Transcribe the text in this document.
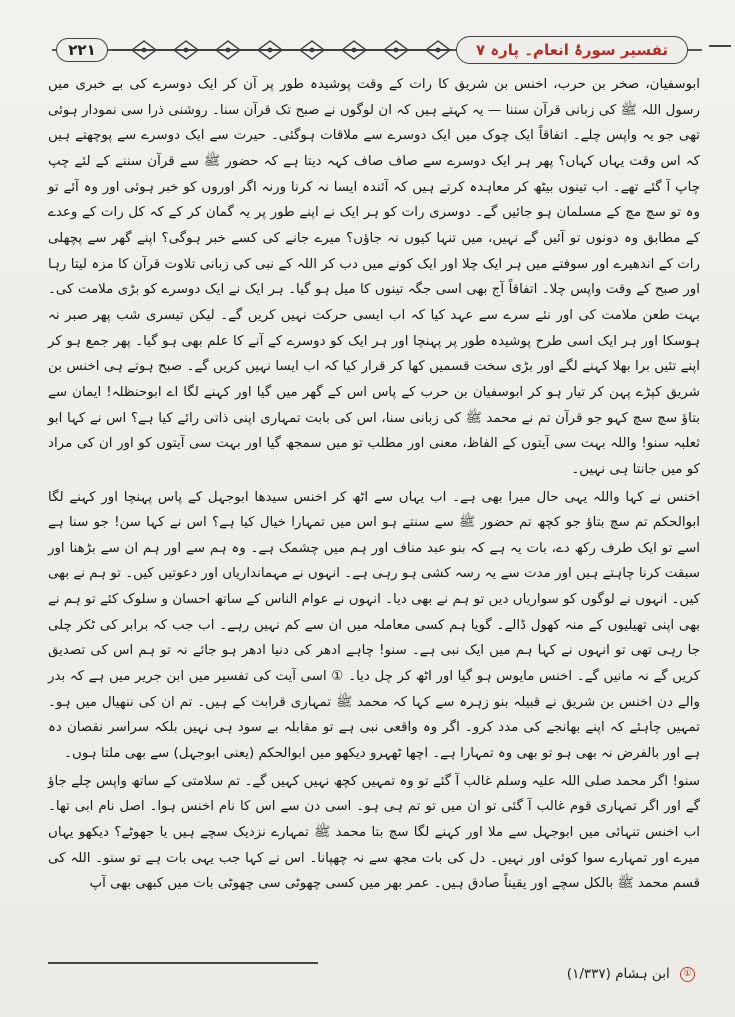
٢٢١	تفسیر سورۂ انعام۔ پارہ ۷

ابوسفیان، صخر بن حرب، اخنس بن شریق کا رات کے وقت پوشیدہ طور پر آن کر ایک دوسرے کی بے خبری میں رسول اللہ ﷺ کی زبانی قرآن سننا — یہ کہتے ہیں کہ ان لوگوں نے صبح تک قرآن سنا۔ روشنی ذرا سی نمودار ہوئی تھی جو یہ واپس چلے۔ اتفاقاً ایک چوک میں ایک دوسرے سے ملاقات ہوگئی۔ حیرت سے ایک دوسرے سے پوچھتے ہیں کہ اس وقت یہاں کہاں؟ پھر ہر ایک دوسرے سے صاف صاف کہہ دیتا ہے کہ حضور ﷺ سے قرآن سننے کے لئے چپ چاپ آ گئے تھے۔ اب تینوں بیٹھ کر معاہدہ کرتے ہیں کہ آئندہ ایسا نہ کرنا ورنہ اگر اوروں کو خبر ہوئی اور وہ آئے تو وہ تو سچ مچ کے مسلمان ہو جائیں گے۔ دوسری رات کو ہر ایک نے اپنے طور پر یہ گمان کر کے کہ کل رات کے وعدے کے مطابق وہ دونوں تو آئیں گے نہیں، میں تنہا کیوں نہ جاؤں؟ میرے جانے کی کسے خبر ہوگی؟ اپنے گھر سے پچھلی رات کے اندھیرے اور سوفتے میں ہر ایک چلا اور ایک کونے میں دب کر اللہ کے نبی کی زبانی تلاوت قرآن کا مزہ لیتا رہا اور صبح کے وقت واپس چلا۔ اتفاقاً آج بھی اسی جگہ تینوں کا میل ہو گیا۔ ہر ایک نے ایک دوسرے کو بڑی ملامت کی۔ بہت طعن ملامت کی اور نئے سرے سے عہد کیا کہ اب ایسی حرکت نہیں کریں گے۔ لیکن تیسری شب پھر صبر نہ ہوسکا اور ہر ایک اسی طرح پوشیدہ طور پر پہنچا اور ہر ایک کو دوسرے کے آنے کا علم بھی ہو گیا۔ پھر جمع ہو کر اپنے تئیں برا بھلا کہنے لگے اور بڑی سخت قسمیں کھا کر قرار کیا کہ اب ایسا نہیں کریں گے۔ صبح ہوتے ہی اخنس بن شریق کپڑے پہن کر تیار ہو کر ابوسفیان بن حرب کے پاس اس کے گھر میں گیا اور کہنے لگا اے ابوحنظلہ! ایمان سے بتاؤ سچ سچ کہو جو قرآن تم نے محمد ﷺ کی زبانی سنا، اس کی بابت تمہاری اپنی ذاتی رائے کیا ہے؟ اس نے کہا ابو ثعلبہ سنو! واللہ بہت سی آیتوں کے الفاظ، معنی اور مطلب تو میں سمجھ گیا اور بہت سی آیتوں کو اور ان کی مراد کو میں جانتا ہی نہیں۔

اخنس نے کہا واللہ یہی حال میرا بھی ہے۔ اب یہاں سے اٹھ کر اخنس سیدھا ابوجہل کے پاس پہنچا اور کہنے لگا ابوالحکم تم سچ بتاؤ جو کچھ تم حضور ﷺ سے سنتے ہو اس میں تمہارا خیال کیا ہے؟ اس نے کہا سن! جو سنا ہے اسے تو ایک طرف رکھ دے، بات یہ ہے کہ بنو عبد مناف اور ہم میں چشمک ہے۔ وہ ہم سے اور ہم ان سے بڑھنا اور سبقت کرنا چاہتے ہیں اور مدت سے یہ رسہ کشی ہو رہی ہے۔ انہوں نے مہمانداریاں اور دعوتیں کیں۔ تو ہم نے بھی کیں۔ انہوں نے لوگوں کو سواریاں دیں تو ہم نے بھی دیا۔ انہوں نے عوام الناس کے ساتھ احسان و سلوک کئے تو ہم نے بھی اپنی تھیلیوں کے منہ کھول ڈالے۔ گویا ہم کسی معاملہ میں ان سے کم نہیں رہے۔ اب جب کہ برابر کی ٹکر چلی جا رہی تھی تو انہوں نے کہا ہم میں ایک نبی ہے۔ سنو! چاہے ادھر کی دنیا ادھر ہو جائے نہ تو ہم اس کی تصدیق کریں گے نہ مانیں گے۔ اخنس مایوس ہو گیا اور اٹھ کر چل دیا۔ ① اسی آیت کی تفسیر میں ابن جریر میں ہے کہ بدر والے دن اخنس بن شریق نے قبیلہ بنو زہرہ سے کہا کہ محمد ﷺ تمہاری قرابت کے ہیں۔ تم ان کی ننھیال میں ہو۔ تمہیں چاہئے کہ اپنے بھانجے کی مدد کرو۔ اگر وہ واقعی نبی ہے تو مقابلہ بے سود ہی نہیں بلکہ سراسر نقصان دہ ہے اور بالفرض نہ بھی ہو تو بھی وہ تمہارا ہے۔ اچھا ٹھہرو دیکھو میں ابوالحکم (یعنی ابوجہل) سے بھی ملتا ہوں۔

سنو! اگر محمد صلی اللہ علیہ وسلم غالب آ گئے تو وہ تمہیں کچھ نہیں کہیں گے۔ تم سلامتی کے ساتھ واپس چلے جاؤ گے اور اگر تمہاری قوم غالب آ گئی تو ان میں تو تم ہی ہو۔ اسی دن سے اس کا نام اخنس ہوا۔ اصل نام ابی تھا۔ اب اخنس تنہائی میں ابوجہل سے ملا اور کہنے لگا سچ بتا محمد ﷺ تمہارے نزدیک سچے ہیں یا جھوٹے؟ دیکھو یہاں میرے اور تمہارے سوا کوئی اور نہیں۔ دل کی بات مجھ سے نہ چھپانا۔ اس نے کہا جب یہی بات ہے تو سنو۔ اللہ کی قسم محمد ﷺ بالکل سچے اور یقیناً صادق ہیں۔ عمر بھر میں کسی چھوٹی سی چھوٹی بات میں کبھی بھی آپ

① ابن ہشام (۱/۳۳۷)
